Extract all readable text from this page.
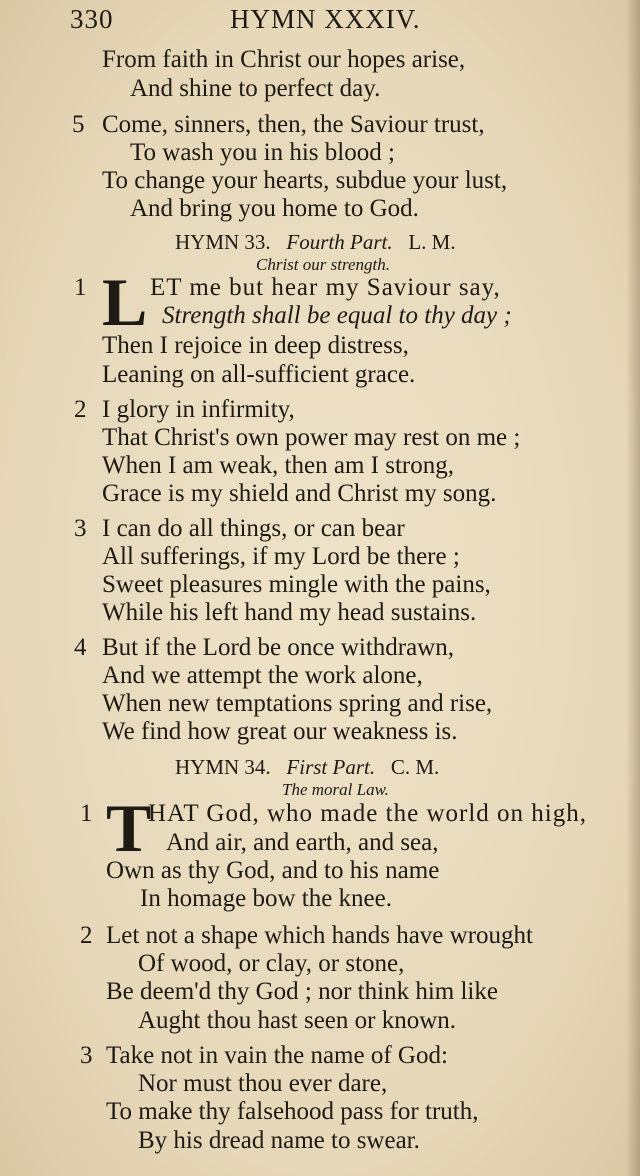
330	HYMN XXXIV.
From faith in Christ our hopes arise,
And shine to perfect day.
5 Come, sinners, then, the Saviour trust,
To wash you in his blood ;
To change your hearts, subdue your lust,
And bring you home to God.
HYMN 33. Fourth Part. L. M.
Christ our strength.
1 L ET me but hear my Saviour say,
Strength shall be equal to thy day ;
Then I rejoice in deep distress,
Leaning on all-sufficient grace.
2 I glory in infirmity,
That Christ's own power may rest on me ;
When I am weak, then am I strong,
Grace is my shield and Christ my song.
3 I can do all things, or can bear
All sufferings, if my Lord be there ;
Sweet pleasures mingle with the pains,
While his left hand my head sustains.
4 But if the Lord be once withdrawn,
And we attempt the work alone,
When new temptations spring and rise,
We find how great our weakness is.
HYMN 34. First Part. C. M.
The moral Law.
1 T
HAT God, who made the world on high,
And air, and earth, and sea,
Own as thy God, and to his name
In homage bow the knee.
2 Let not a shape which hands have wrought
Of wood, or clay, or stone,
Be deem'd thy God ; nor think him like
Aught thou hast seen or known.
3 Take not in vain the name of God:
Nor must thou ever dare,
To make thy falsehood pass for truth,
By his dread name to swear.
